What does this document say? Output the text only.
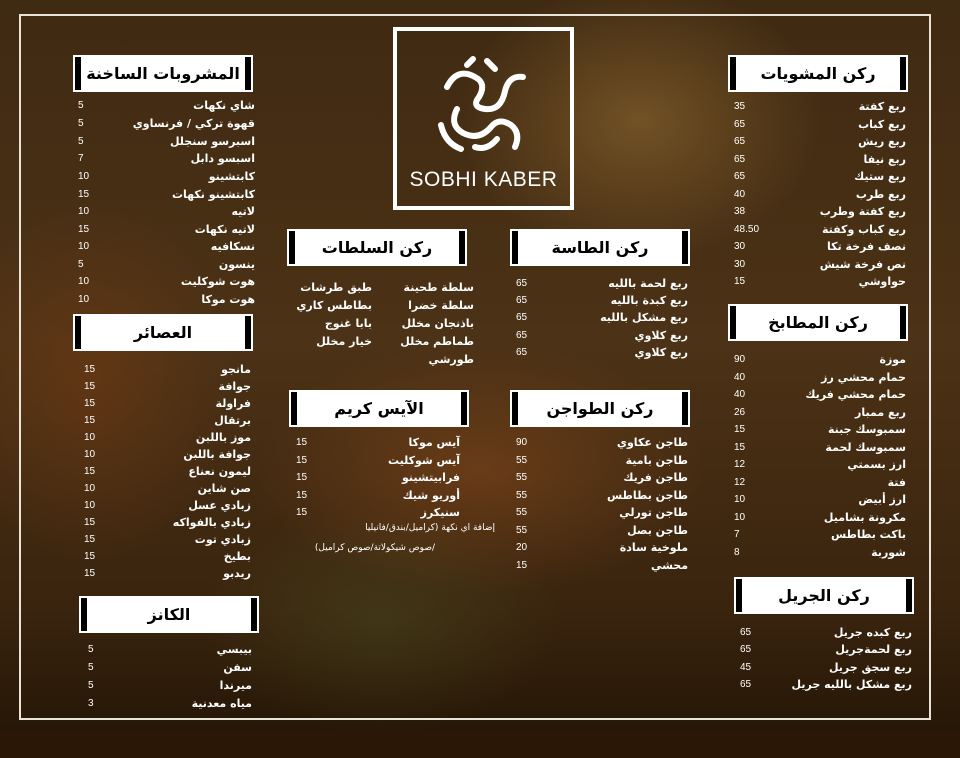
SOBHI KABER
المشروبات الساخنة
العصائر
الكانز
ركن السلطات
الآيس كريم
ركن الطاسة
ركن الطواجن
ركن المشويات
ركن المطابخ
ركن الجريل
5	شاي نكهات
5	قهوة تركي / فرنساوي
5	اسبرسو سنجلل
7	اسبسو دابل
10	كابتشينو
15	كابتشينو نكهات
10	لاتيه
15	لاتيه نكهات
10	نسكافيه
5	ينسون
10	هوت شوكليت
10	هوت موكا
15	مانجو
15	جوافة
15	فراولة
15	برتقال
10	موز باللبن
10	جوافة باللبن
15	ليمون نعناع
10	صن شاين
10	زبادي عسل
15	زبادي بالفواكه
15	زبادي توت
15	بطيخ
15	ريدبو
5	بيبسي
5	سفن
5	ميرندا
3	مياه معدنية
سلطة طحينة
سلطة خضرا
باذنجان مخلل
طماطم مخلل
طورشي
طبق طرشات
بطاطس كاري
بابا غنوج
خيار مخلل
15	آيس موكا
15	آيس شوكليت
15	فرابيتشينو
15	أوريو شيك
15	سنيكرز
إضافة اي نكهة (كراميل/بندق/فانيليا
/صوص شيكولاتة/صوص كراميل)
65	ربع لحمة بالليه
65	ربع كبدة بالليه
65	ربع مشكل بالليه
65	ربع كلاوي
65	ربع كلاوي
90	طاجن عكاوي
55	طاجن بامية
55	طاجن فريك
55	طاجن بطاطس
55	طاجن تورلي
55	طاجن بصل
20	ملوخية سادة
15	محشي
35	ربع كفتة
65	ربع كباب
65	ربع ريش
65	ربع نيفا
65	ربع ستيك
40	ربع طرب
38	ربع كفتة وطرب
48.50	ربع كباب وكفتة
30	نصف فرخة تكا
30	نص فرخة شيش
15	حواوشي
90	موزة
40	حمام محشي رز
40	حمام محشي فريك
26	ربع ممبار
15	سمبوسك جبنة
15	سمبوسك لحمة
12	ارز بسمتي
12	فتة
10	ارز أبيض
10	مكرونة بشاميل
7	باكت بطاطس
8	شوربة
65	ربع كبده جريل
65	ربع لحمةجريل
45	ربع سجق جريل
65	ربع مشكل بالليه جريل
